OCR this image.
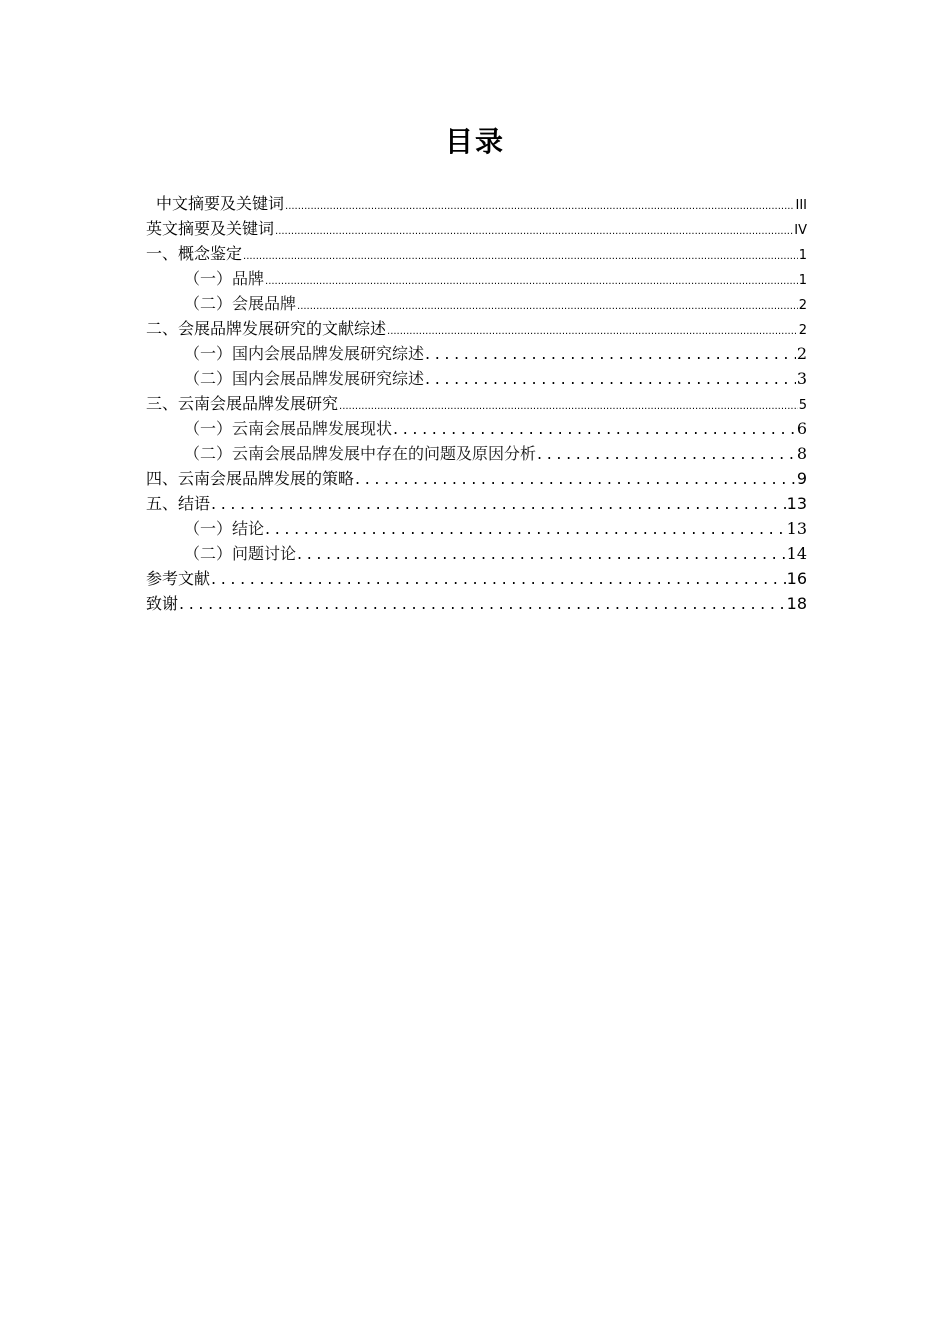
目录
中文摘要及关键词 .....	III
英文摘要及关键词 .....	IV
一、概念鉴定 .....	1
（一）品牌 .....	1
（二）会展品牌 .....	2
二、会展品牌发展研究的文献综述 .....	2
（一）国内会展品牌发展研究综述 .....	2
（二）国内会展品牌发展研究综述 .....	3
三、云南会展品牌发展研究 .....	5
（一）云南会展品牌发展现状 .....	6
（二）云南会展品牌发展中存在的问题及原因分析 .....	8
四、云南会展品牌发展的策略 .....	9
五、结语 .....	13
（一）结论 .....	13
（二）问题讨论 .....	14
参考文献 .....	16
致谢 .....	18
